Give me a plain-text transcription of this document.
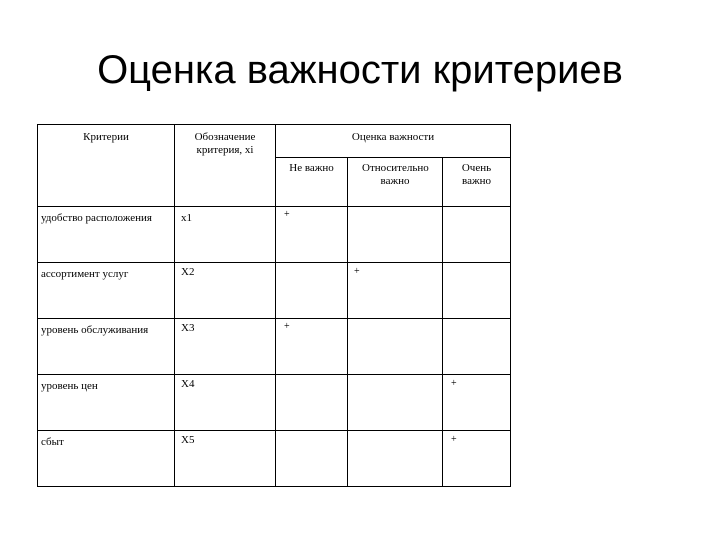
Оценка важности критериев
Критерии	Обозначение критерия, xi	Оценка важности		
		Не важно	Относительно важно	Очень важно

удобство расположения	x1	+		
ассортимент услуг	X2		+	
уровень обслуживания	X3	+		
уровень цен	X4			+
сбыт	X5			+
